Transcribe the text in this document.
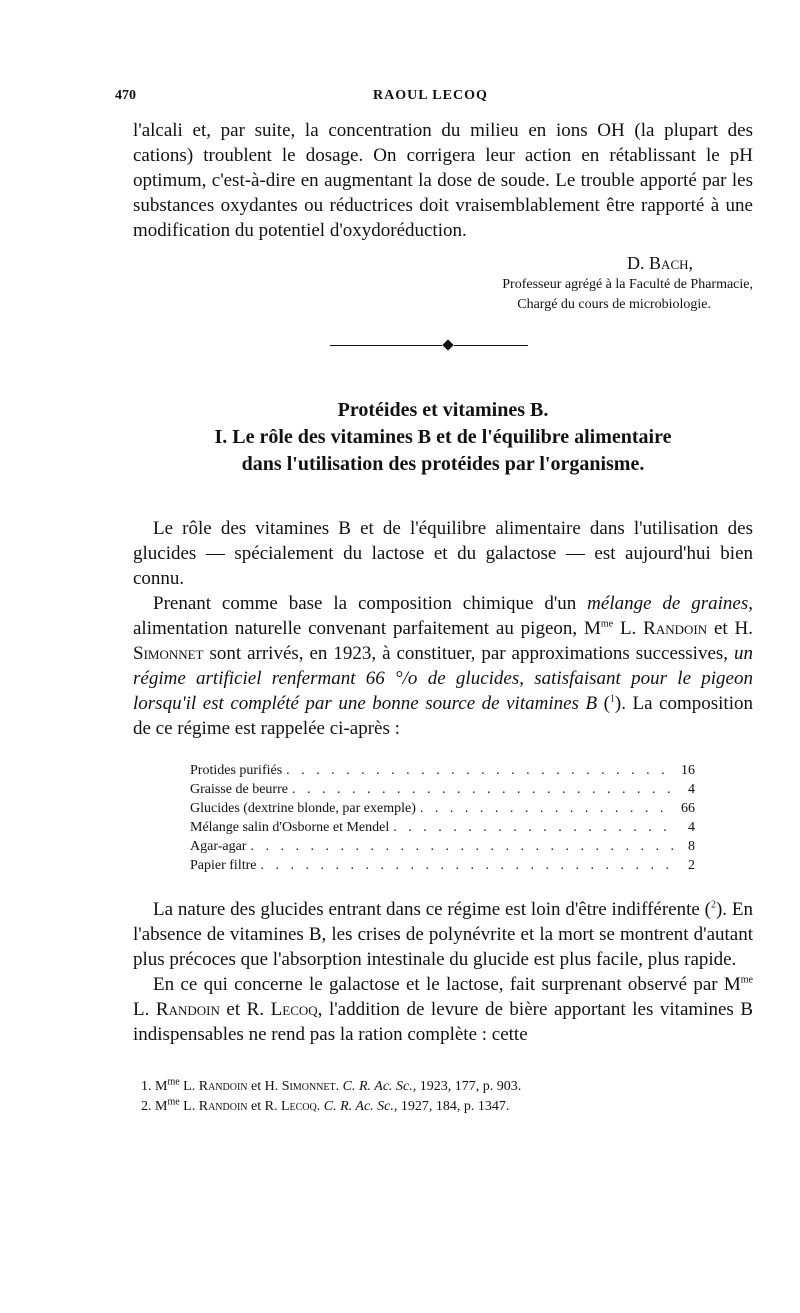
470	RAOUL LECOQ

l'alcali et, par suite, la concentration du milieu en ions OH (la plupart des cations) troublent le dosage. On corrigera leur action en rétablissant le pH optimum, c'est-à-dire en augmentant la dose de soude. Le trouble apporté par les substances oxydantes ou réductrices doit vraisemblablement être rapporté à une modification du potentiel d'oxydoréduction.

D. Bach,
Professeur agrégé à la Faculté de Pharmacie,
Chargé du cours de microbiologie.
Protéides et vitamines B.
I. Le rôle des vitamines B et de l'équilibre alimentaire
dans l'utilisation des protéides par l'organisme.

Le rôle des vitamines B et de l'équilibre alimentaire dans l'utilisation des glucides — spécialement du lactose et du galactose — est aujourd'hui bien connu.

Prenant comme base la composition chimique d'un mélange de graines, alimentation naturelle convenant parfaitement au pigeon, $M^{me}$ L. Randoin et H. Simonnet sont arrivés, en 1923, à constituer, par approximations successives, un régime artificiel renfermant 66 °/o de glucides, satisfaisant pour le pigeon lorsqu'il est complété par une bonne source de vitamines B ($^1$). La composition de ce régime est rappelée ci-après :

Protides purifiés . . .	16
Graisse de beurre . . .	4
Glucides (dextrine blonde, par exemple) . . .	66
Mélange salin d'Osborne et Mendel . . .	4
Agar-agar . . .	8
Papier filtre . . .	2

La nature des glucides entrant dans ce régime est loin d'être indifférente ($^2$). En l'absence de vitamines B, les crises de polynévrite et la mort se montrent d'autant plus précoces que l'absorption intestinale du glucide est plus facile, plus rapide.

En ce qui concerne le galactose et le lactose, fait surprenant observé par $M^{me}$ L. Randoin et R. Lecoq, l'addition de levure de bière apportant les vitamines B indispensables ne rend pas la ration complète : cette

1. $M^{me}$ L. Randoin et H. Simonnet. C. R. Ac. Sc., 1923, 177, p. 903.
2. $M^{me}$ L. Randoin et R. Lecoq. C. R. Ac. Sc., 1927, 184, p. 1347.
